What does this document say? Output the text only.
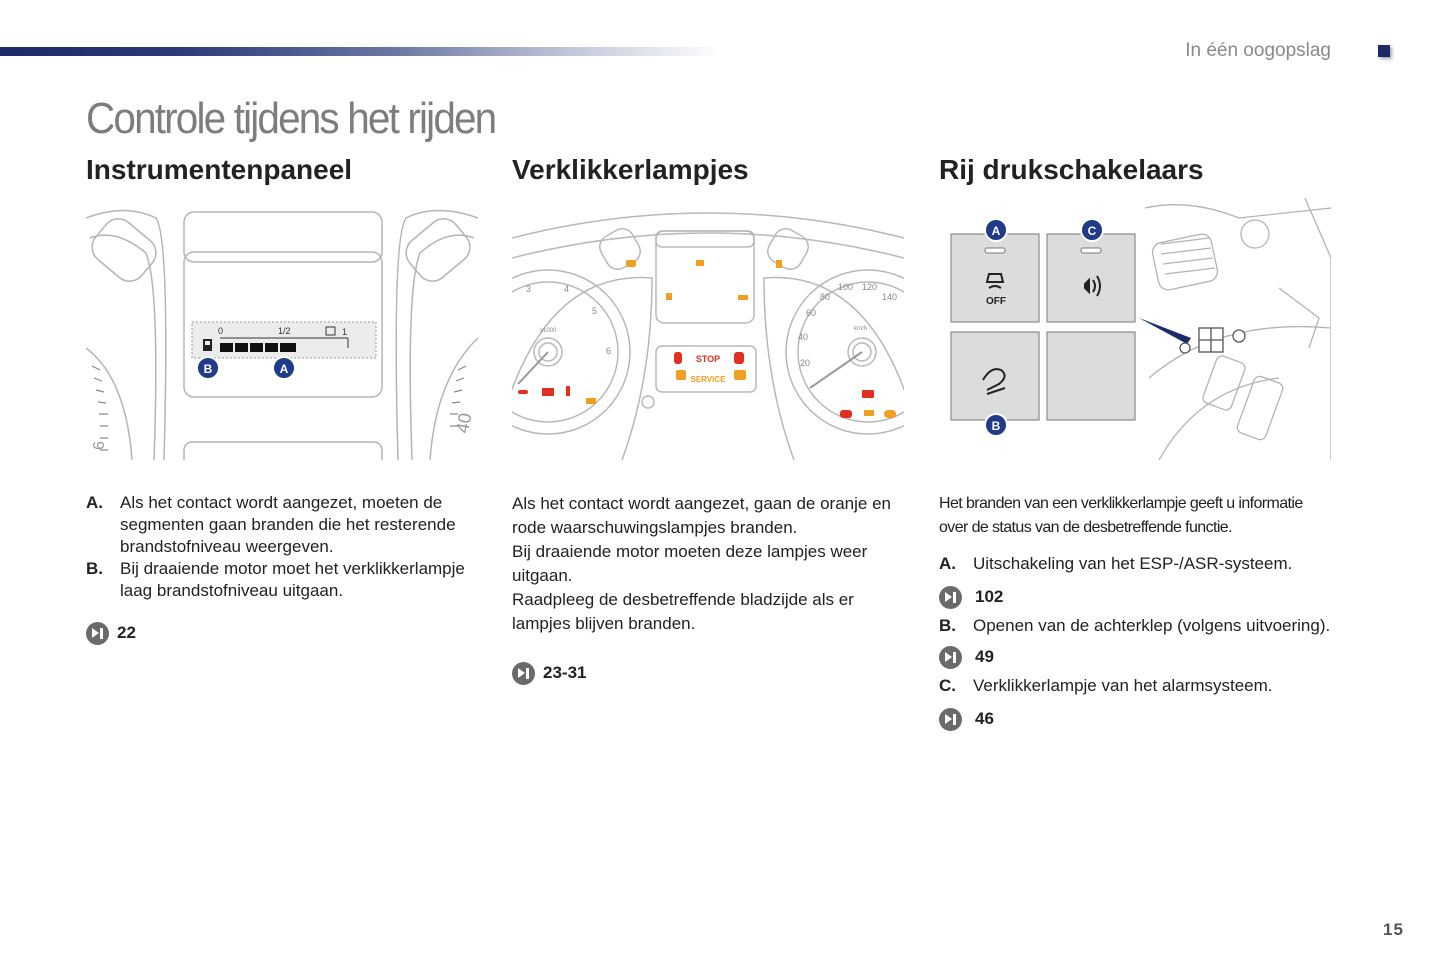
In één oogopslag
Controle tijdens het rijden
Instrumentenpaneel
6
40
0	1/2	1
B	A
A.	Als het contact wordt aangezet, moeten de segmenten gaan branden die het resterende brandstofniveau weergeven.
B.	Bij draaiende motor moet het verklikkerlampje laag brandstofniveau uitgaan.
22
Verklikkerlampjes
3	4
5
6
x1000
20
40
60
80
100 120
140
km/h
STOP
SERVICE

Als het contact wordt aangezet, gaan de oranje en rode waarschuwingslampjes branden.

Bij draaiende motor moeten deze lampjes weer uitgaan.

Raadpleeg de desbetreffende bladzijde als er lampjes blijven branden.

23-31
Rij drukschakelaars
OFF
A	C
B

Het branden van een verklikkerlampje geeft u informatie over de status van de desbetreffende functie.

A.	Uitschakeling van het ESP-/ASR-systeem.
102
B.	Openen van de achterklep (volgens uitvoering).
49
C.	Verklikkerlampje van het alarmsysteem.
46
15
